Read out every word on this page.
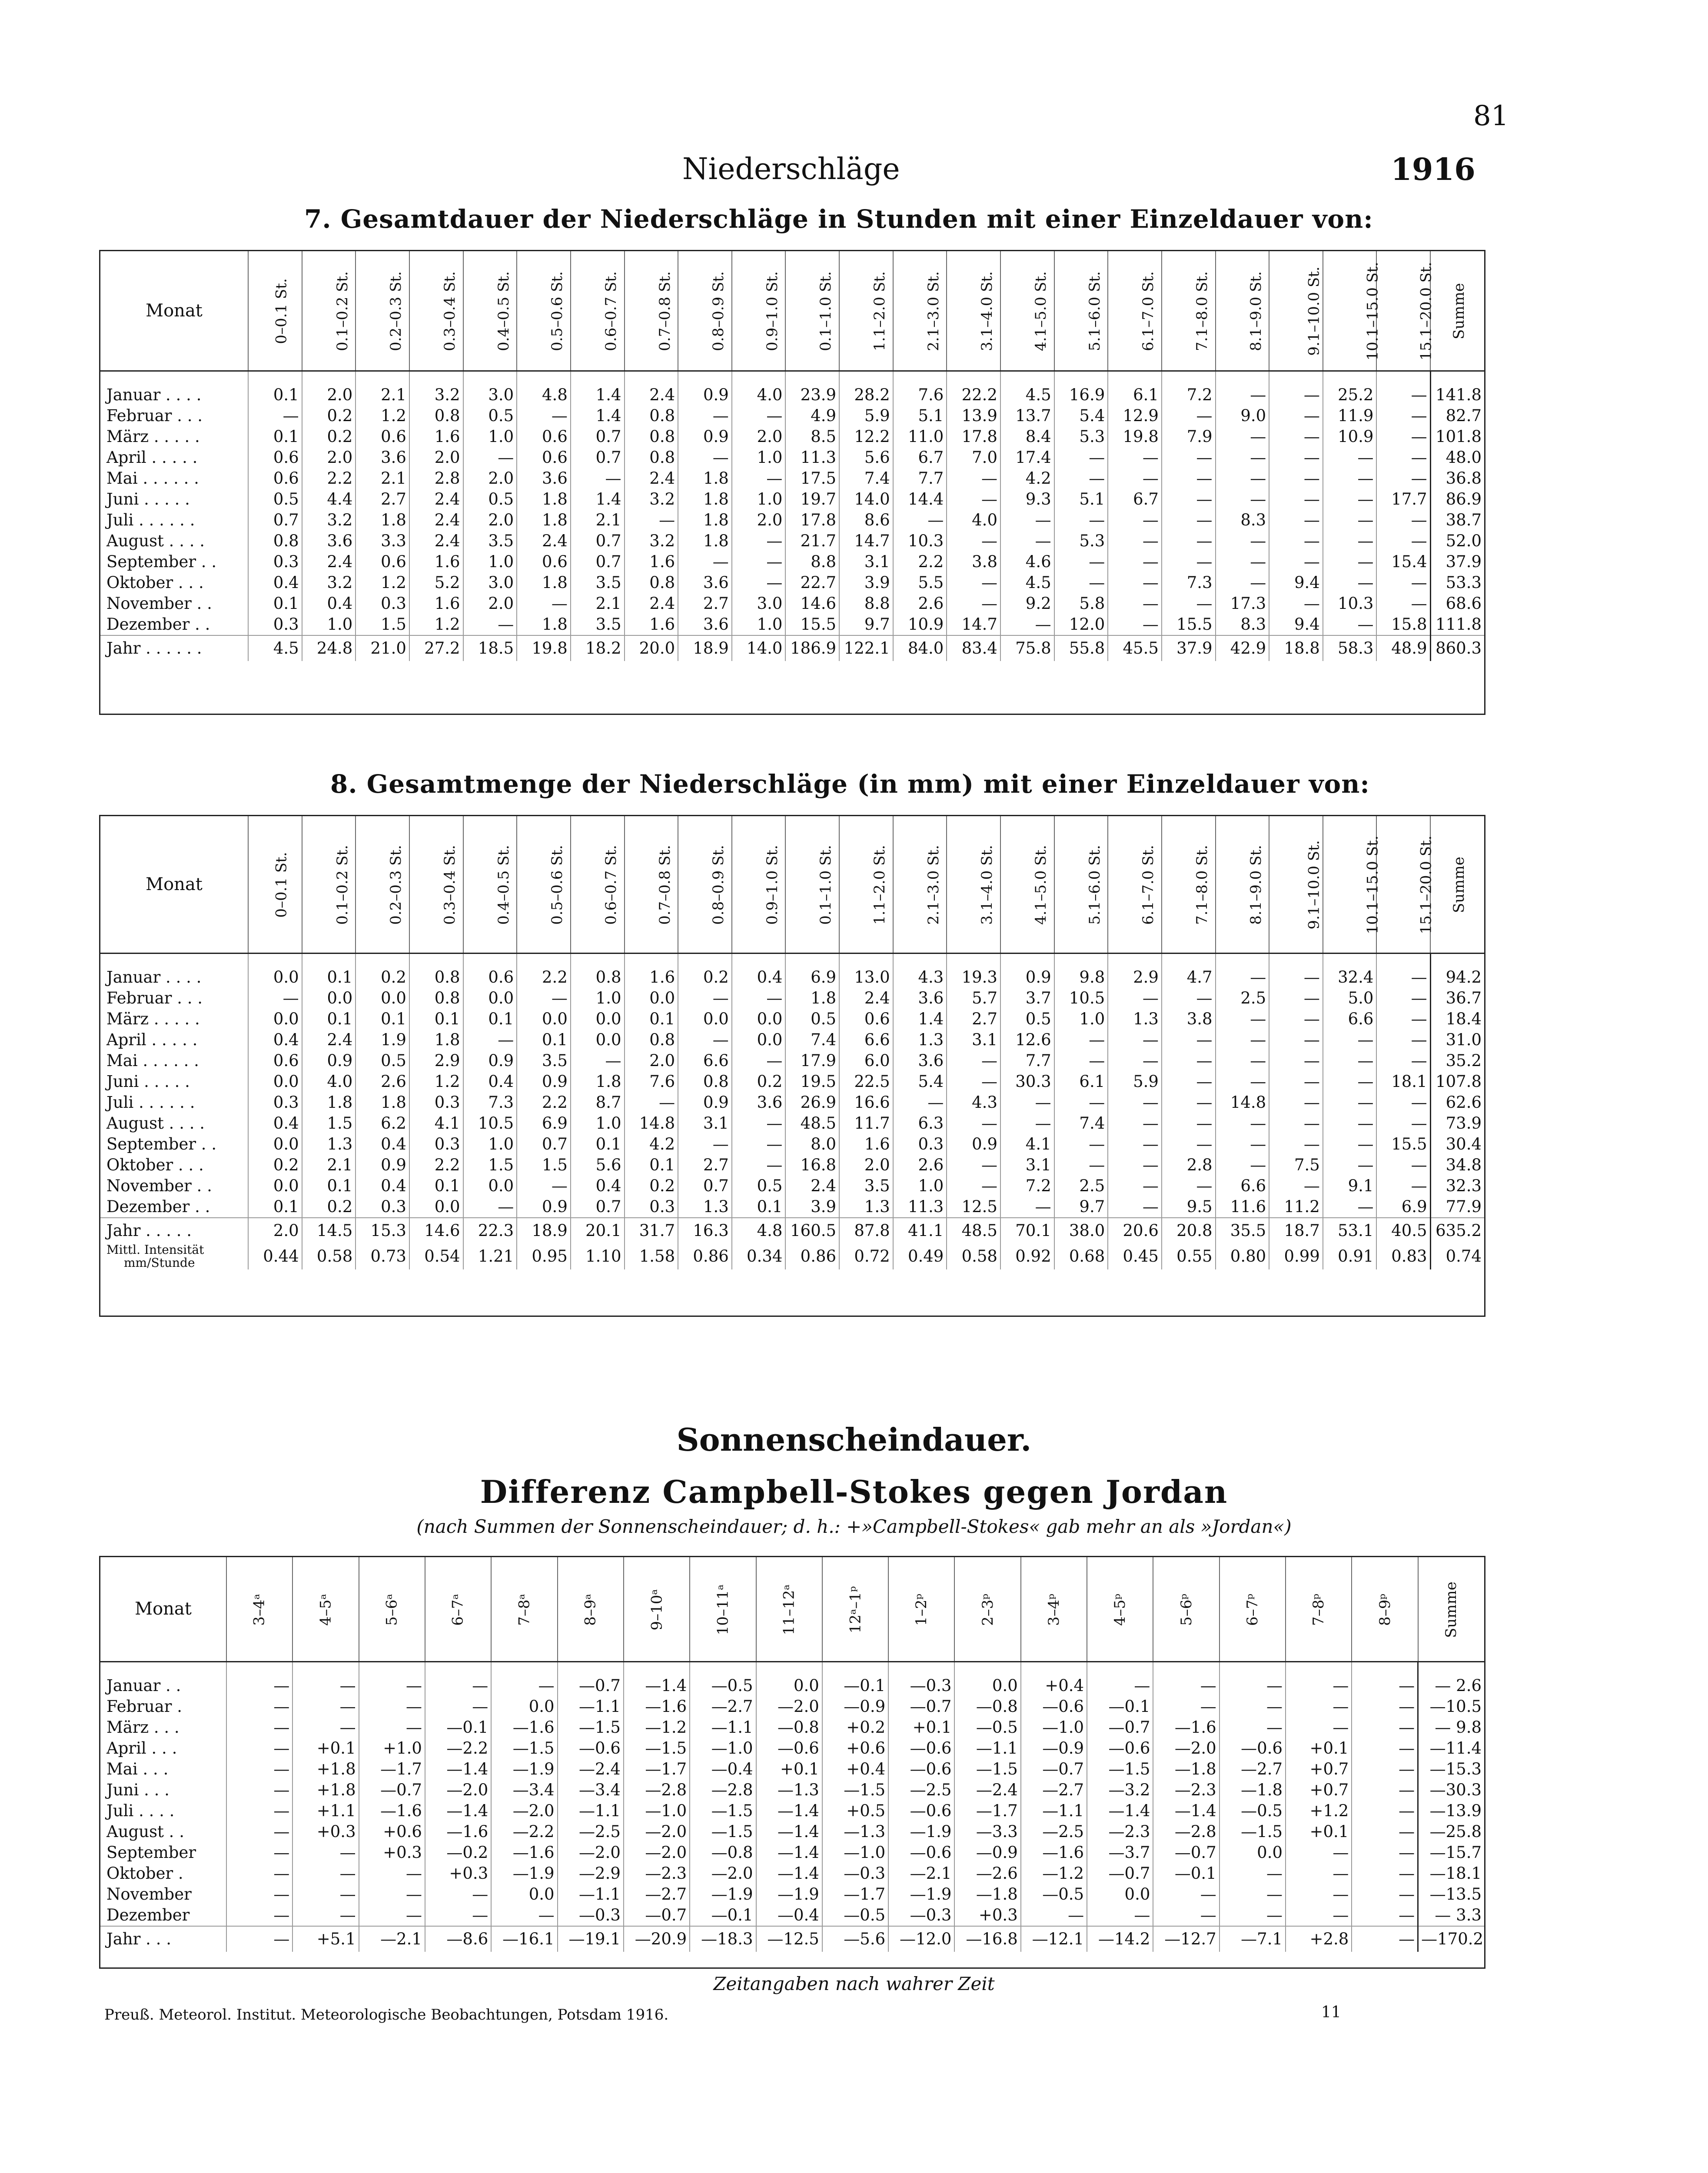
81
Niederschläge	1916
7. Gesamtdauer der Niederschläge in Stunden mit einer Einzeldauer von:
Monat	0–0.1 St.	0.1–0.2 St.	0.2–0.3 St.	0.3–0.4 St.	0.4–0.5 St.	0.5–0.6 St.	0.6–0.7 St.	0.7–0.8 St.	0.8–0.9 St.	0.9–1.0 St.	0.1–1.0 St.	1.1–2.0 St.	2.1–3.0 St.	3.1–4.0 St.	4.1–5.0 St.	5.1–6.0 St.	6.1–7.0 St.	7.1–8.0 St.	8.1–9.0 St.	9.1–10.0 St.	10.1–15.0 St.	15.1–20.0 St.	Summe

Januar . . . .	0.1	2.0	2.1	3.2	3.0	4.8	1.4	2.4	0.9	4.0	23.9	28.2	7.6	22.2	4.5	16.9	6.1	7.2	—	—	25.2	—	141.8
Februar . . .	—	0.2	1.2	0.8	0.5	—	1.4	0.8	—	—	4.9	5.9	5.1	13.9	13.7	5.4	12.9	—	9.0	—	11.9	—	82.7
März . . . . .	0.1	0.2	0.6	1.6	1.0	0.6	0.7	0.8	0.9	2.0	8.5	12.2	11.0	17.8	8.4	5.3	19.8	7.9	—	—	10.9	—	101.8
April . . . . .	0.6	2.0	3.6	2.0	—	0.6	0.7	0.8	—	1.0	11.3	5.6	6.7	7.0	17.4	—	—	—	—	—	—	—	48.0
Mai . . . . . .	0.6	2.2	2.1	2.8	2.0	3.6	—	2.4	1.8	—	17.5	7.4	7.7	—	4.2	—	—	—	—	—	—	—	36.8
Juni . . . . .	0.5	4.4	2.7	2.4	0.5	1.8	1.4	3.2	1.8	1.0	19.7	14.0	14.4	—	9.3	5.1	6.7	—	—	—	—	17.7	86.9
Juli . . . . . .	0.7	3.2	1.8	2.4	2.0	1.8	2.1	—	1.8	2.0	17.8	8.6	—	4.0	—	—	—	—	8.3	—	—	—	38.7
August . . . .	0.8	3.6	3.3	2.4	3.5	2.4	0.7	3.2	1.8	—	21.7	14.7	10.3	—	—	5.3	—	—	—	—	—	—	52.0
September . .	0.3	2.4	0.6	1.6	1.0	0.6	0.7	1.6	—	—	8.8	3.1	2.2	3.8	4.6	—	—	—	—	—	—	15.4	37.9
Oktober . . .	0.4	3.2	1.2	5.2	3.0	1.8	3.5	0.8	3.6	—	22.7	3.9	5.5	—	4.5	—	—	7.3	—	9.4	—	—	53.3
November . .	0.1	0.4	0.3	1.6	2.0	—	2.1	2.4	2.7	3.0	14.6	8.8	2.6	—	9.2	5.8	—	—	17.3	—	10.3	—	68.6
Dezember . .	0.3	1.0	1.5	1.2	—	1.8	3.5	1.6	3.6	1.0	15.5	9.7	10.9	14.7	—	12.0	—	15.5	8.3	9.4	—	15.8	111.8
Jahr . . . . . .	4.5	24.8	21.0	27.2	18.5	19.8	18.2	20.0	18.9	14.0	186.9	122.1	84.0	83.4	75.8	55.8	45.5	37.9	42.9	18.8	58.3	48.9	860.3
8. Gesamtmenge der Niederschläge (in mm) mit einer Einzeldauer von:
Monat	0–0.1 St.	0.1–0.2 St.	0.2–0.3 St.	0.3–0.4 St.	0.4–0.5 St.	0.5–0.6 St.	0.6–0.7 St.	0.7–0.8 St.	0.8–0.9 St.	0.9–1.0 St.	0.1–1.0 St.	1.1–2.0 St.	2.1–3.0 St.	3.1–4.0 St.	4.1–5.0 St.	5.1–6.0 St.	6.1–7.0 St.	7.1–8.0 St.	8.1–9.0 St.	9.1–10.0 St.	10.1–15.0 St.	15.1–20.0 St.	Summe

Januar . . . .	0.0	0.1	0.2	0.8	0.6	2.2	0.8	1.6	0.2	0.4	6.9	13.0	4.3	19.3	0.9	9.8	2.9	4.7	—	—	32.4	—	94.2
Februar . . .	—	0.0	0.0	0.8	0.0	—	1.0	0.0	—	—	1.8	2.4	3.6	5.7	3.7	10.5	—	—	2.5	—	5.0	—	36.7
März . . . . .	0.0	0.1	0.1	0.1	0.1	0.0	0.0	0.1	0.0	0.0	0.5	0.6	1.4	2.7	0.5	1.0	1.3	3.8	—	—	6.6	—	18.4
April . . . . .	0.4	2.4	1.9	1.8	—	0.1	0.0	0.8	—	0.0	7.4	6.6	1.3	3.1	12.6	—	—	—	—	—	—	—	31.0
Mai . . . . . .	0.6	0.9	0.5	2.9	0.9	3.5	—	2.0	6.6	—	17.9	6.0	3.6	—	7.7	—	—	—	—	—	—	—	35.2
Juni . . . . .	0.0	4.0	2.6	1.2	0.4	0.9	1.8	7.6	0.8	0.2	19.5	22.5	5.4	—	30.3	6.1	5.9	—	—	—	—	18.1	107.8
Juli . . . . . .	0.3	1.8	1.8	0.3	7.3	2.2	8.7	—	0.9	3.6	26.9	16.6	—	4.3	—	—	—	—	14.8	—	—	—	62.6
August . . . .	0.4	1.5	6.2	4.1	10.5	6.9	1.0	14.8	3.1	—	48.5	11.7	6.3	—	—	7.4	—	—	—	—	—	—	73.9
September . .	0.0	1.3	0.4	0.3	1.0	0.7	0.1	4.2	—	—	8.0	1.6	0.3	0.9	4.1	—	—	—	—	—	—	15.5	30.4
Oktober . . .	0.2	2.1	0.9	2.2	1.5	1.5	5.6	0.1	2.7	—	16.8	2.0	2.6	—	3.1	—	—	2.8	—	7.5	—	—	34.8
November . .	0.0	0.1	0.4	0.1	0.0	—	0.4	0.2	0.7	0.5	2.4	3.5	1.0	—	7.2	2.5	—	—	6.6	—	9.1	—	32.3
Dezember . .	0.1	0.2	0.3	0.0	—	0.9	0.7	0.3	1.3	0.1	3.9	1.3	11.3	12.5	—	9.7	—	9.5	11.6	11.2	—	6.9	77.9
Jahr . . . . .	2.0	14.5	15.3	14.6	22.3	18.9	20.1	31.7	16.3	4.8	160.5	87.8	41.1	48.5	70.1	38.0	20.6	20.8	35.5	18.7	53.1	40.5	635.2

Mittl. Intensität
mm/Stunde	0.44	0.58	0.73	0.54	1.21	0.95	1.10	1.58	0.86	0.34	0.86	0.72	0.49	0.58	0.92	0.68	0.45	0.55	0.80	0.99	0.91	0.83	0.74
Sonnenscheindauer.
Differenz Campbell-Stokes gegen Jordan
(nach Summen der Sonnenscheindauer; d. h.: +»Campbell-Stokes« gab mehr an als »Jordan«)
Monat	3–4ᵃ	4–5ᵃ	5–6ᵃ	6–7ᵃ	7–8ᵃ	8–9ᵃ	9–10ᵃ	10–11ᵃ	11–12ᵃ	12ᵃ–1ᵖ	1–2ᵖ	2–3ᵖ	3–4ᵖ	4–5ᵖ	5–6ᵖ	6–7ᵖ	7–8ᵖ	8–9ᵖ	Summe

Januar . .	—	—	—	—	—	—0.7	—1.4	—0.5	0.0	—0.1	—0.3	0.0	+0.4	—	—	—	—	—	— 2.6
Februar .	—	—	—	—	0.0	—1.1	—1.6	—2.7	—2.0	—0.9	—0.7	—0.8	—0.6	—0.1	—	—	—	—	—10.5
März . . .	—	—	—	—0.1	—1.6	—1.5	—1.2	—1.1	—0.8	+0.2	+0.1	—0.5	—1.0	—0.7	—1.6	—	—	—	— 9.8
April . . .	—	+0.1	+1.0	—2.2	—1.5	—0.6	—1.5	—1.0	—0.6	+0.6	—0.6	—1.1	—0.9	—0.6	—2.0	—0.6	+0.1	—	—11.4
Mai . . .	—	+1.8	—1.7	—1.4	—1.9	—2.4	—1.7	—0.4	+0.1	+0.4	—0.6	—1.5	—0.7	—1.5	—1.8	—2.7	+0.7	—	—15.3
Juni . . .	—	+1.8	—0.7	—2.0	—3.4	—3.4	—2.8	—2.8	—1.3	—1.5	—2.5	—2.4	—2.7	—3.2	—2.3	—1.8	+0.7	—	—30.3
Juli . . . .	—	+1.1	—1.6	—1.4	—2.0	—1.1	—1.0	—1.5	—1.4	+0.5	—0.6	—1.7	—1.1	—1.4	—1.4	—0.5	+1.2	—	—13.9
August . .	—	+0.3	+0.6	—1.6	—2.2	—2.5	—2.0	—1.5	—1.4	—1.3	—1.9	—3.3	—2.5	—2.3	—2.8	—1.5	+0.1	—	—25.8
September	—	—	+0.3	—0.2	—1.6	—2.0	—2.0	—0.8	—1.4	—1.0	—0.6	—0.9	—1.6	—3.7	—0.7	0.0	—	—	—15.7
Oktober .	—	—	—	+0.3	—1.9	—2.9	—2.3	—2.0	—1.4	—0.3	—2.1	—2.6	—1.2	—0.7	—0.1	—	—	—	—18.1
November	—	—	—	—	0.0	—1.1	—2.7	—1.9	—1.9	—1.7	—1.9	—1.8	—0.5	0.0	—	—	—	—	—13.5
Dezember	—	—	—	—	—	—0.3	—0.7	—0.1	—0.4	—0.5	—0.3	+0.3	—	—	—	—	—	—	— 3.3
Jahr . . .	—	+5.1	—2.1	—8.6	—16.1	—19.1	—20.9	—18.3	—12.5	—5.6	—12.0	—16.8	—12.1	—14.2	—12.7	—7.1	+2.8	—	—170.2
Zeitangaben nach wahrer Zeit
Preuß. Meteorol. Institut. Meteorologische Beobachtungen, Potsdam 1916.	11
